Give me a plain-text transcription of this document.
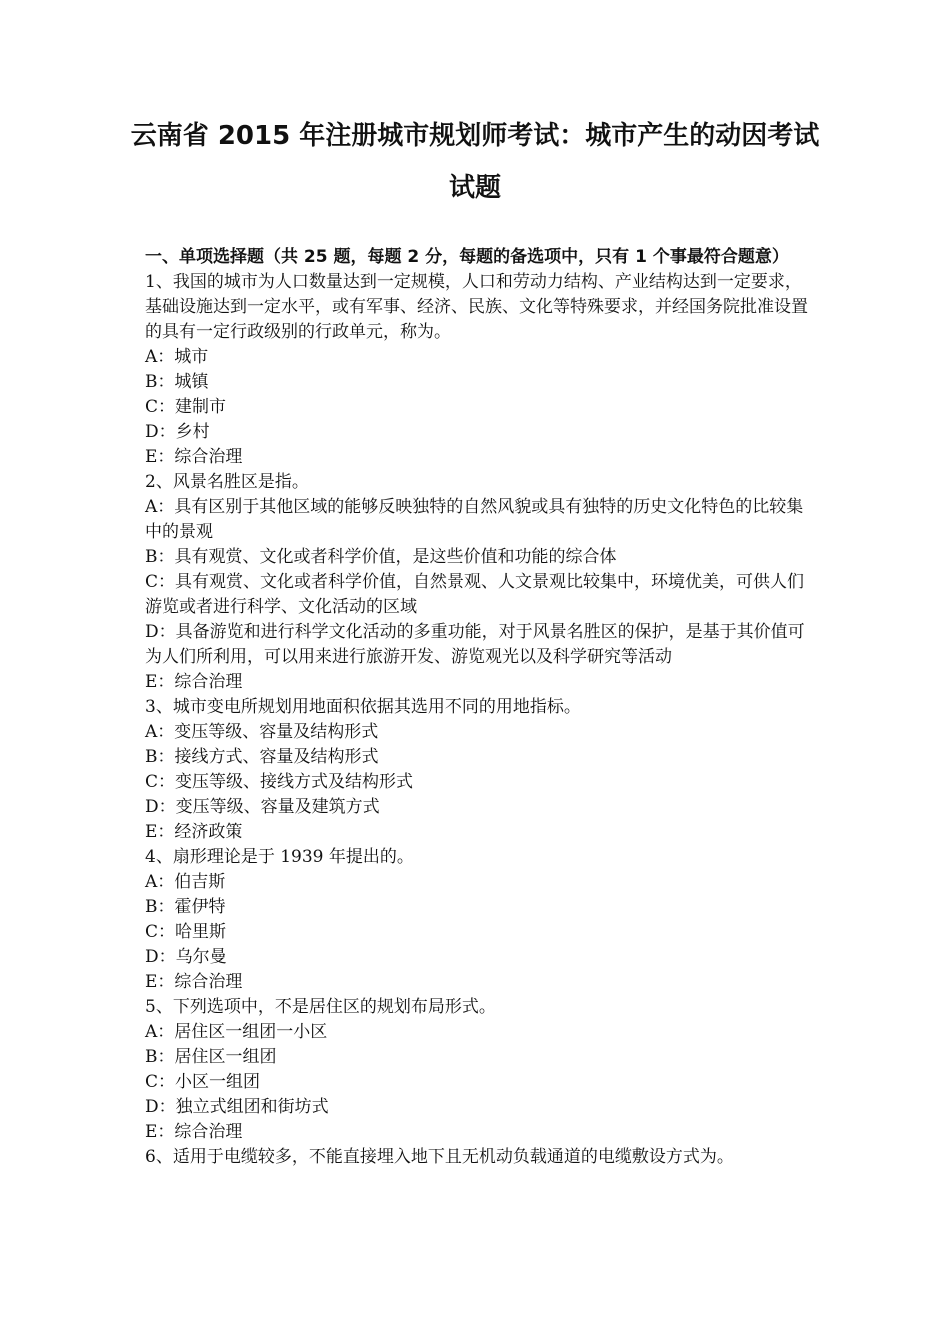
云南省 2015 年注册城市规划师考试：城市产生的动因考试
试题

一、单项选择题（共 25 题，每题 2 分，每题的备选项中，只有 1 个事最符合题意）

1、我国的城市为人口数量达到一定规模，人口和劳动力结构、产业结构达到一定要求，基础设施达到一定水平，或有军事、经济、民族、文化等特殊要求，并经国务院批准设置的具有一定行政级别的行政单元，称为。

A：城市

B：城镇

C：建制市

D：乡村

E：综合治理

2、风景名胜区是指。

A：具有区别于其他区域的能够反映独特的自然风貌或具有独特的历史文化特色的比较集中的景观

B：具有观赏、文化或者科学价值，是这些价值和功能的综合体

C：具有观赏、文化或者科学价值，自然景观、人文景观比较集中，环境优美，可供人们游览或者进行科学、文化活动的区域

D：具备游览和进行科学文化活动的多重功能，对于风景名胜区的保护，是基于其价值可为人们所利用，可以用来进行旅游开发、游览观光以及科学研究等活动

E：综合治理

3、城市变电所规划用地面积依据其选用不同的用地指标。

A：变压等级、容量及结构形式

B：接线方式、容量及结构形式

C：变压等级、接线方式及结构形式

D：变压等级、容量及建筑方式

E：经济政策

4、扇形理论是于 1939 年提出的。

A：伯吉斯

B：霍伊特

C：哈里斯

D：乌尔曼

E：综合治理

5、下列选项中，不是居住区的规划布局形式。

A：居住区一组团一小区

B：居住区一组团

C：小区一组团

D：独立式组团和街坊式

E：综合治理

6、适用于电缆较多，不能直接埋入地下且无机动负载通道的电缆敷设方式为。
